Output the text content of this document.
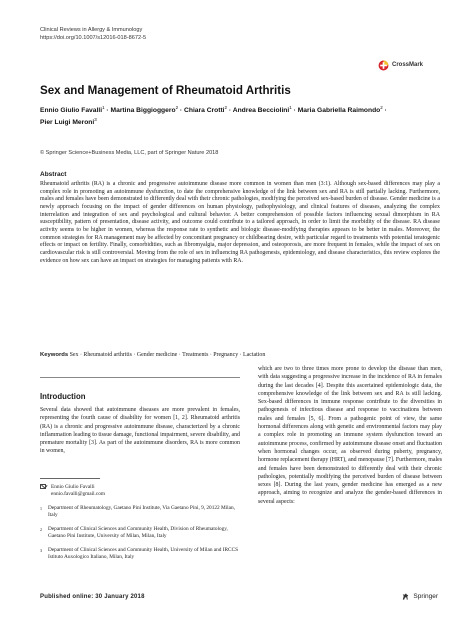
Clinical Reviews in Allergy & Immunology
https://doi.org/10.1007/s12016-018-8672-5
CrossMark
Sex and Management of Rheumatoid Arthritis
Ennio Giulio Favalli$^1$ · Martina Biggioggero$^2$ · Chiara Crotti$^2$ · Andrea Becciolini$^1$ · Maria Gabriella Raimondo$^2$ ·
Pier Luigi Meroni$^3$
© Springer Science+Business Media, LLC, part of Springer Nature 2018
Abstract

Rheumatoid arthritis (RA) is a chronic and progressive autoimmune disease more common in women than men (3:1). Although sex-based differences may play a complex role in promoting an autoimmune dysfunction, to date the comprehensive knowledge of the link between sex and RA is still partially lacking. Furthermore, males and females have been demonstrated to differently deal with their chronic pathologies, modifying the perceived sex-based burden of disease. Gender medicine is a newly approach focusing on the impact of gender differences on human physiology, pathophysiology, and clinical features of diseases, analyzing the complex interrelation and integration of sex and psychological and cultural behavior. A better comprehension of possible factors influencing sexual dimorphism in RA susceptibility, pattern of presentation, disease activity, and outcome could contribute to a tailored approach, in order to limit the morbidity of the disease. RA disease activity seems to be higher in women, whereas the response rate to synthetic and biologic disease-modifying therapies appears to be better in males. Moreover, the common strategies for RA management may be affected by concomitant pregnancy or childbearing desire, with particular regard to treatments with potential teratogenic effects or impact on fertility. Finally, comorbidities, such as fibromyalgia, major depression, and osteoporosis, are more frequent in females, while the impact of sex on cardiovascular risk is still controversial. Moving from the role of sex in influencing RA pathogenesis, epidemiology, and disease characteristics, this review explores the evidence on how sex can have an impact on strategies for managing patients with RA.

Keywords Sex · Rheumatoid arthritis · Gender medicine · Treatments · Pregnancy · Lactation
Introduction

Several data showed that autoimmune diseases are more prevalent in females, representing the fourth cause of disability for women [1, 2]. Rheumatoid arthritis (RA) is a chronic and progressive autoimmune disease, characterized by a chronic inflammation leading to tissue damage, functional impairment, severe disability, and premature mortality [3]. As part of the autoimmune disorders, RA is more common in women,

Ennio Giulio Favalli
ennio.favalli@gmail.com
1	Department of Rheumatology, Gaetano Pini Institute, Via Gaetano Pini, 9, 20122 Milan, Italy
2	Department of Clinical Sciences and Community Health, Division of Rheumatology, Gaetano Pini Institute, University of Milan, Milan, Italy
3	Department of Clinical Sciences and Community Health, University of Milan and IRCCS Istituto Auxologico Italiano, Milan, Italy

which are two to three times more prone to develop the disease than men, with data suggesting a progressive increase in the incidence of RA in females during the last decades [4]. Despite this ascertained epidemiologic data, the comprehensive knowledge of the link between sex and RA is still lacking. Sex-based differences in immune response contribute to the diversities in pathogenesis of infectious disease and response to vaccinations between males and females [5, 6]. From a pathogenic point of view, the same hormonal differences along with genetic and environmental factors may play a complex role in promoting an immune system dysfunction toward an autoimmune process, confirmed by autoimmune disease onset and fluctuation when hormonal changes occur, as observed during puberty, pregnancy, hormone replacement therapy (HRT), and menopause [7]. Furthermore, males and females have been demonstrated to differently deal with their chronic pathologies, potentially modifying the perceived burden of disease between sexes [8]. During the last years, gender medicine has emerged as a new approach, aiming to recognize and analyze the gender-based differences in several aspects:

Published online: 30 January 2018	Springer
